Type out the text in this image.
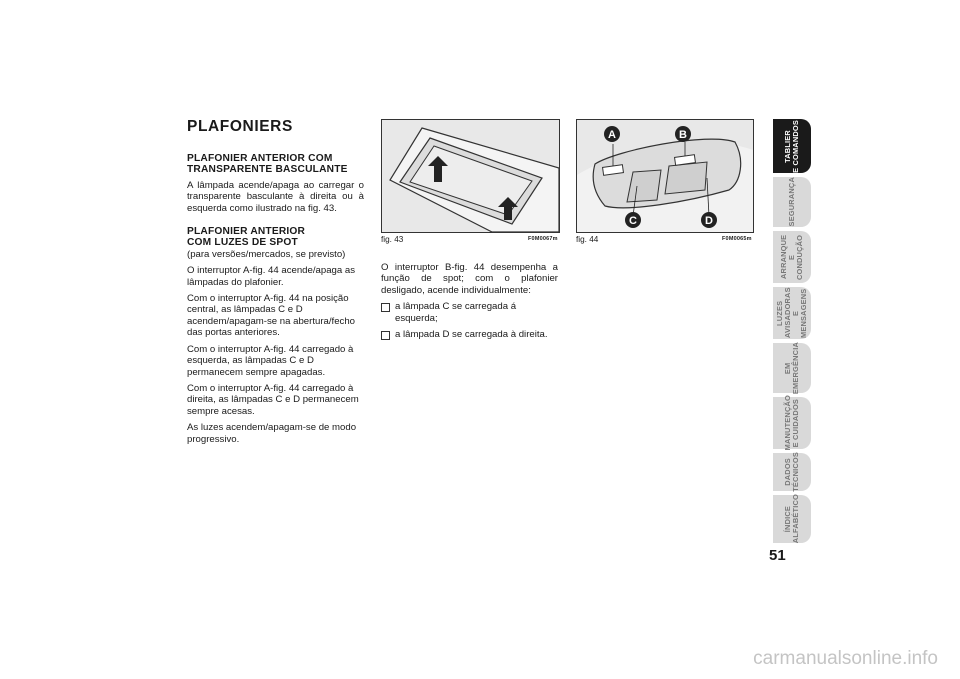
PLAFONIERS
PLAFONIER ANTERIOR COM TRANSPARENTE BASCULANTE

A lâmpada acende/apaga ao carregar o transparente basculante à direita ou à esquerda como ilustrado na fig. 43.

PLAFONIER ANTERIOR
COM LUZES DE SPOT

(para versões/mercados, se previsto)

O interruptor A-fig. 44 acende/apaga as lâmpadas do plafonier.

Com o interruptor A-fig. 44 na posição central, as lâmpadas C e D acendem/apagam-se na abertura/fecho das portas anteriores.

Com o interruptor A-fig. 44 carregado à esquerda, as lâmpadas C e D permanecem sempre apagadas.

Com o interruptor A-fig. 44 carregado à direita, as lâmpadas C e D permanecem sempre acesas.

As luzes acendem/apagam-se de modo progressivo.

fig. 43	F0M0067m
A	B
C	D
fig. 44	F0M0065m

O interruptor B-fig. 44 desempenha a função de spot; com o plafonier desligado, acende individualmente:

a lâmpada C se carregada á esquerda;
a lâmpada D se carregada à direita.
TABLIER
E COMANDOS
SEGURANÇA
ARRANQUE
E CONDUÇÃO
LUZES
AVISADORAS
E MENSAGENS
EM
EMERGÊNCIA
MANUTENÇÃO
E CUIDADOS
DADOS
TÉCNICOS
ÍNDICE
ALFABÉTICO
51
carmanualsonline.info
